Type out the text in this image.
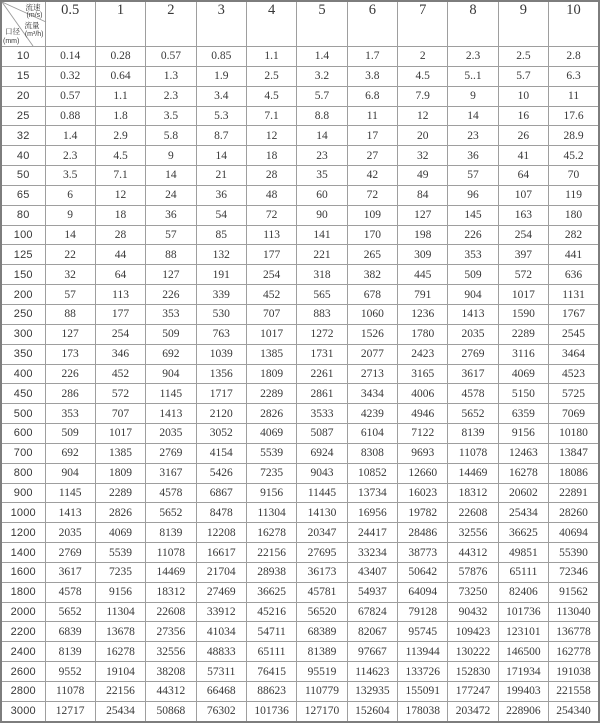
流速
(m/s)
流量
(m³/h)
口径
(mm)
	0.5	1	2	3	4	5	6	7	8	9	10
10	0.14	0.28	0.57	0.85	1.1	1.4	1.7	2	2.3	2.5	2.8
15	0.32	0.64	1.3	1.9	2.5	3.2	3.8	4.5	5..1	5.7	6.3
20	0.57	1.1	2.3	3.4	4.5	5.7	6.8	7.9	9	10	11
25	0.88	1.8	3.5	5.3	7.1	8.8	11	12	14	16	17.6
32	1.4	2.9	5.8	8.7	12	14	17	20	23	26	28.9
40	2.3	4.5	9	14	18	23	27	32	36	41	45.2
50	3.5	7.1	14	21	28	35	42	49	57	64	70
65	6	12	24	36	48	60	72	84	96	107	119
80	9	18	36	54	72	90	109	127	145	163	180
100	14	28	57	85	113	141	170	198	226	254	282
125	22	44	88	132	177	221	265	309	353	397	441
150	32	64	127	191	254	318	382	445	509	572	636
200	57	113	226	339	452	565	678	791	904	1017	1131
250	88	177	353	530	707	883	1060	1236	1413	1590	1767
300	127	254	509	763	1017	1272	1526	1780	2035	2289	2545
350	173	346	692	1039	1385	1731	2077	2423	2769	3116	3464
400	226	452	904	1356	1809	2261	2713	3165	3617	4069	4523
450	286	572	1145	1717	2289	2861	3434	4006	4578	5150	5725
500	353	707	1413	2120	2826	3533	4239	4946	5652	6359	7069
600	509	1017	2035	3052	4069	5087	6104	7122	8139	9156	10180
700	692	1385	2769	4154	5539	6924	8308	9693	11078	12463	13847
800	904	1809	3167	5426	7235	9043	10852	12660	14469	16278	18086
900	1145	2289	4578	6867	9156	11445	13734	16023	18312	20602	22891
1000	1413	2826	5652	8478	11304	14130	16956	19782	22608	25434	28260
1200	2035	4069	8139	12208	16278	20347	24417	28486	32556	36625	40694
1400	2769	5539	11078	16617	22156	27695	33234	38773	44312	49851	55390
1600	3617	7235	14469	21704	28938	36173	43407	50642	57876	65111	72346
1800	4578	9156	18312	27469	36625	45781	54937	64094	73250	82406	91562
2000	5652	11304	22608	33912	45216	56520	67824	79128	90432	101736	113040
2200	6839	13678	27356	41034	54711	68389	82067	95745	109423	123101	136778
2400	8139	16278	32556	48833	65111	81389	97667	113944	130222	146500	162778
2600	9552	19104	38208	57311	76415	95519	114623	133726	152830	171934	191038
2800	11078	22156	44312	66468	88623	110779	132935	155091	177247	199403	221558
3000	12717	25434	50868	76302	101736	127170	152604	178038	203472	228906	254340
